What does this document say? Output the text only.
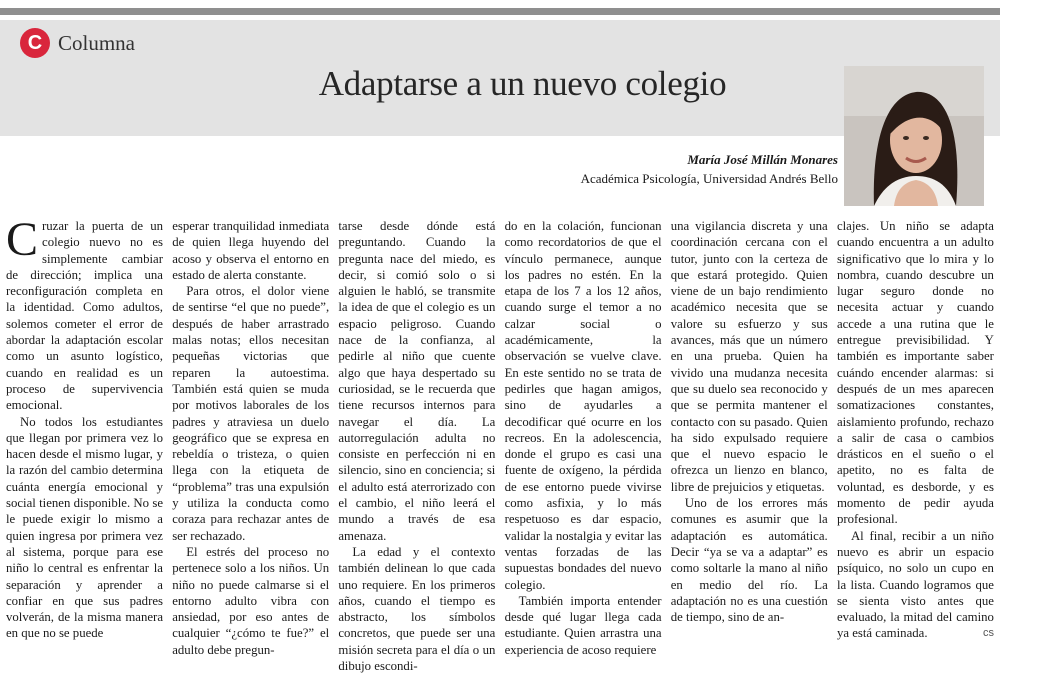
C Columna
Adaptarse a un nuevo colegio
María José Millán Monares
Académica Psicología, Universidad Andrés Bello

Cruzar la puerta de un colegio nuevo no es simplemente cambiar de dirección; implica una reconfiguración completa en la identidad. Como adultos, solemos cometer el error de abordar la adaptación escolar como un asunto logístico, cuando en realidad es un proceso de supervivencia emocional.

No todos los estudiantes que llegan por primera vez lo hacen desde el mismo lugar, y la razón del cambio determina cuánta energía emocional y social tienen disponible. No se le puede exigir lo mismo a quien ingresa por primera vez al sistema, porque para ese niño lo central es enfrentar la separación y aprender a confiar en que sus padres volverán, de la misma manera en que no se puede

esperar tranquilidad inmediata de quien llega huyendo del acoso y observa el entorno en estado de alerta constante.

Para otros, el dolor viene de sentirse “el que no puede”, después de haber arrastrado malas notas; ellos necesitan pequeñas victorias que reparen la autoestima. También está quien se muda por motivos laborales de los padres y atraviesa un duelo geográfico que se expresa en rebeldía o tristeza, o quien llega con la etiqueta de “problema” tras una expulsión y utiliza la conducta como coraza para rechazar antes de ser rechazado.

El estrés del proceso no pertenece solo a los niños. Un niño no puede calmarse si el entorno adulto vibra con ansiedad, por eso antes de cualquier “¿cómo te fue?” el adulto debe pregun-

tarse desde dónde está preguntando. Cuando la pregunta nace del miedo, es decir, si comió solo o si alguien le habló, se transmite la idea de que el colegio es un espacio peligroso. Cuando nace de la confianza, al pedirle al niño que cuente algo que haya despertado su curiosidad, se le recuerda que tiene recursos internos para navegar el día. La autorregulación adulta no consiste en perfección ni en silencio, sino en conciencia; si el adulto está aterrorizado con el cambio, el niño leerá el mundo a través de esa amenaza.

La edad y el contexto también delinean lo que cada uno requiere. En los primeros años, cuando el tiempo es abstracto, los símbolos concretos, que puede ser una misión secreta para el día o un dibujo escondi-

do en la colación, funcionan como recordatorios de que el vínculo permanece, aunque los padres no estén. En la etapa de los 7 a los 12 años, cuando surge el temor a no calzar social o académicamente, la observación se vuelve clave. En este sentido no se trata de pedirles que hagan amigos, sino de ayudarles a decodificar qué ocurre en los recreos. En la adolescencia, donde el grupo es casi una fuente de oxígeno, la pérdida de ese entorno puede vivirse como asfixia, y lo más respetuoso es dar espacio, validar la nostalgia y evitar las ventas forzadas de las supuestas bondades del nuevo colegio.

También importa entender desde qué lugar llega cada estudiante. Quien arrastra una experiencia de acoso requiere

una vigilancia discreta y una coordinación cercana con el tutor, junto con la certeza de que estará protegido. Quien viene de un bajo rendimiento académico necesita que se valore su esfuerzo y sus avances, más que un número en una prueba. Quien ha vivido una mudanza necesita que su duelo sea reconocido y que se permita mantener el contacto con su pasado. Quien ha sido expulsado requiere que el nuevo espacio le ofrezca un lienzo en blanco, libre de prejuicios y etiquetas.

Uno de los errores más comunes es asumir que la adaptación es automática. Decir “ya se va a adaptar” es como soltarle la mano al niño en medio del río. La adaptación no es una cuestión de tiempo, sino de an-

clajes. Un niño se adapta cuando encuentra a un adulto significativo que lo mira y lo nombra, cuando descubre un lugar seguro donde no necesita actuar y cuando accede a una rutina que le entregue previsibilidad. Y también es importante saber cuándo encender alarmas: si después de un mes aparecen somatizaciones constantes, aislamiento profundo, rechazo a salir de casa o cambios drásticos en el sueño o el apetito, no es falta de voluntad, es desborde, y es momento de pedir ayuda profesional.

Al final, recibir a un niño nuevo es abrir un espacio psíquico, no solo un cupo en la lista. Cuando logramos que se sienta visto antes que evaluado, la mitad del camino ya está caminada.	cs
